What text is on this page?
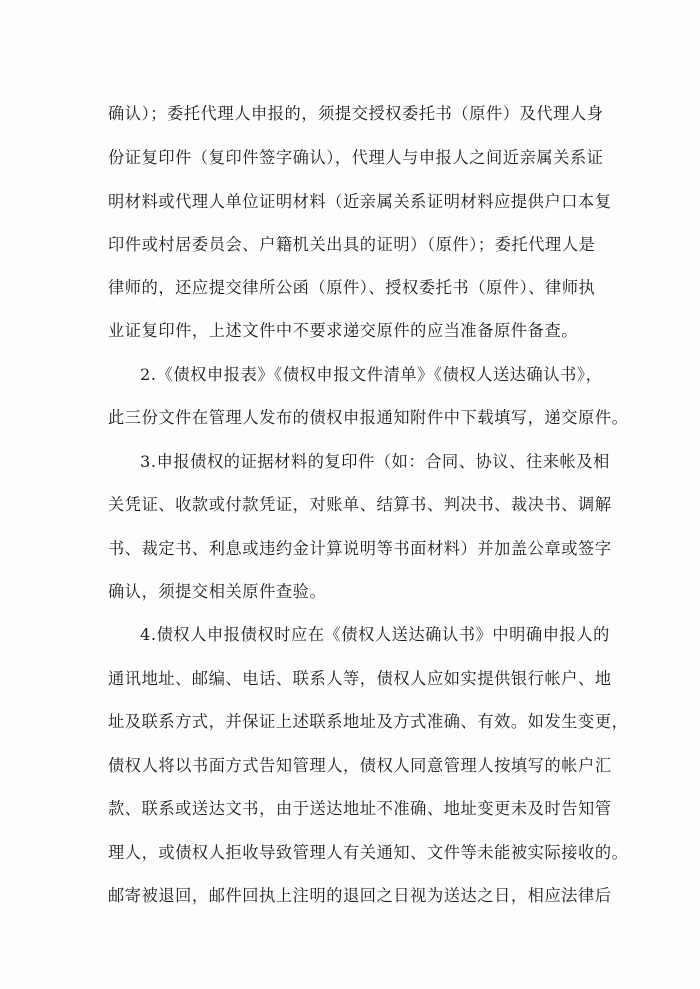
确认）；委托代理人申报的，须提交授权委托书（原件）及代理人身
份证复印件（复印件签字确认），代理人与申报人之间近亲属关系证
明材料或代理人单位证明材料（近亲属关系证明材料应提供户口本复
印件或村居委员会、户籍机关出具的证明）（原件）；委托代理人是
律师的，还应提交律所公函（原件）、授权委托书（原件）、律师执
业证复印件，上述文件中不要求递交原件的应当准备原件备查。
2.《债权申报表》《债权申报文件清单》《债权人送达确认书》，
此三份文件在管理人发布的债权申报通知附件中下载填写，递交原件。
3.申报债权的证据材料的复印件（如：合同、协议、往来帐及相
关凭证、收款或付款凭证，对账单、结算书、判决书、裁决书、调解
书、裁定书、利息或违约金计算说明等书面材料）并加盖公章或签字
确认，须提交相关原件查验。
4.债权人申报债权时应在《债权人送达确认书》中明确申报人的
通讯地址、邮编、电话、联系人等，债权人应如实提供银行帐户、地
址及联系方式，并保证上述联系地址及方式准确、有效。如发生变更，
债权人将以书面方式告知管理人，债权人同意管理人按填写的帐户汇
款、联系或送达文书，由于送达地址不准确、地址变更未及时告知管
理人，或债权人拒收导致管理人有关通知、文件等未能被实际接收的。
邮寄被退回，邮件回执上注明的退回之日视为送达之日，相应法律后
